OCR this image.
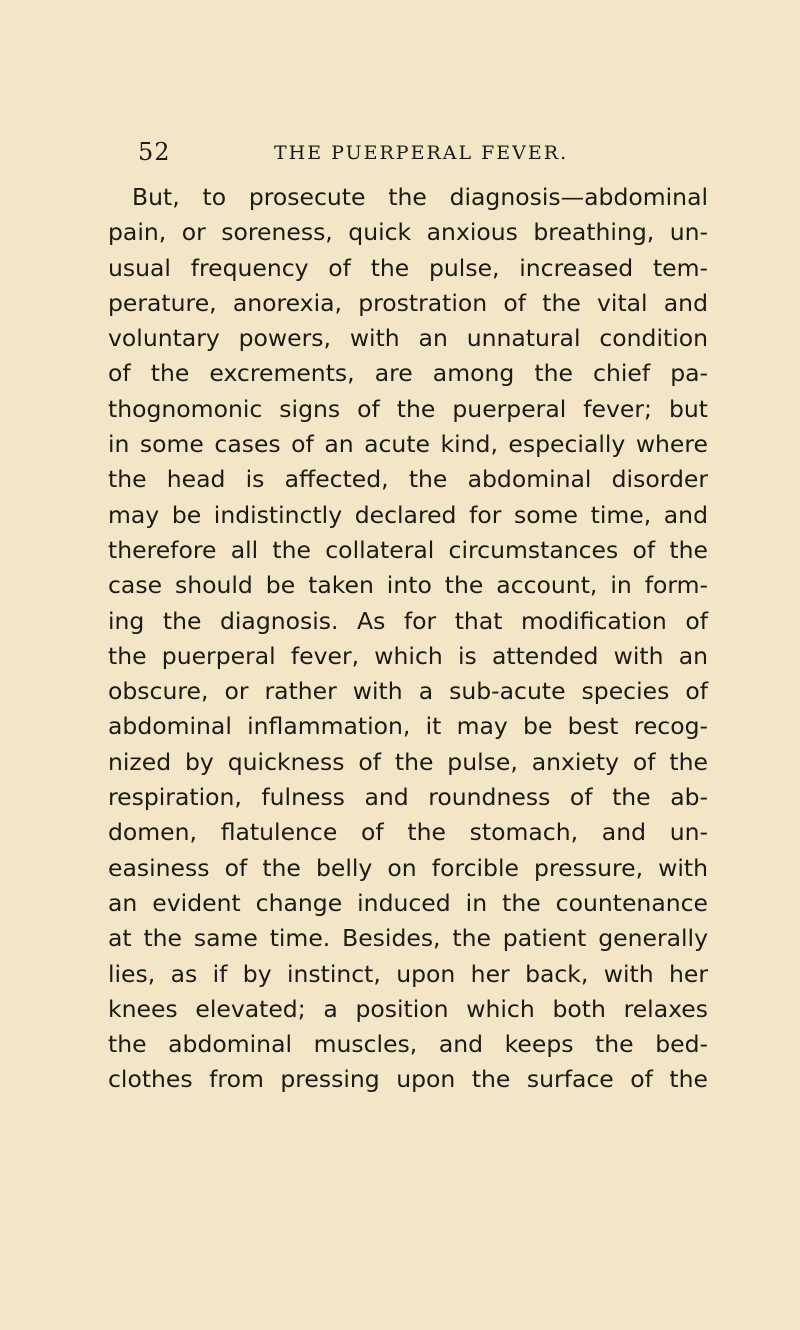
52	THE PUERPERAL FEVER.
But, to prosecute the diagnosis—abdominal
pain, or soreness, quick anxious breathing, un-
usual frequency of the pulse, increased tem-
perature, anorexia, prostration of the vital and
voluntary powers, with an unnatural condition
of the excrements, are among the chief pa-
thognomonic signs of the puerperal fever; but
in some cases of an acute kind, especially where
the head is affected, the abdominal disorder
may be indistinctly declared for some time, and
therefore all the collateral circumstances of the
case should be taken into the account, in form-
ing the diagnosis. As for that modification of
the puerperal fever, which is attended with an
obscure, or rather with a sub-acute species of
abdominal inflammation, it may be best recog-
nized by quickness of the pulse, anxiety of the
respiration, fulness and roundness of the ab-
domen, flatulence of the stomach, and un-
easiness of the belly on forcible pressure, with
an evident change induced in the countenance
at the same time. Besides, the patient generally
lies, as if by instinct, upon her back, with her
knees elevated; a position which both relaxes
the abdominal muscles, and keeps the bed-
clothes from pressing upon the surface of the
